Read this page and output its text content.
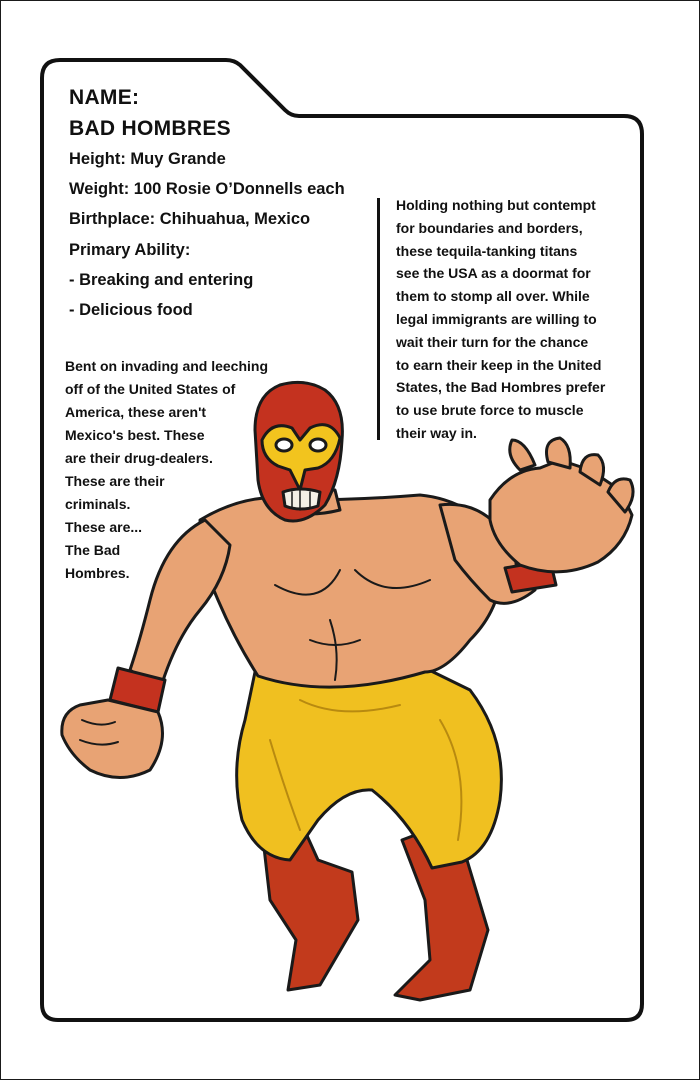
NAME:
BAD HOMBRES
Height: Muy Grande
Weight: 100 Rosie O’Donnells each
Birthplace: Chihuahua, Mexico
Primary Ability:
- Breaking and entering
- Delicious food
Holding nothing but contempt
for boundaries and borders,
these tequila-tanking titans
see the USA as a doormat for
them to stomp all over. While
legal immigrants are willing to
wait their turn for the chance
to earn their keep in the United
States, the Bad Hombres prefer
to use brute force to muscle
their way in.
Bent on invading and leeching
off of the United States of
America, these aren't
Mexico's best. These
are their drug-dealers.
These are their
criminals.
These are...
The Bad
Hombres.
